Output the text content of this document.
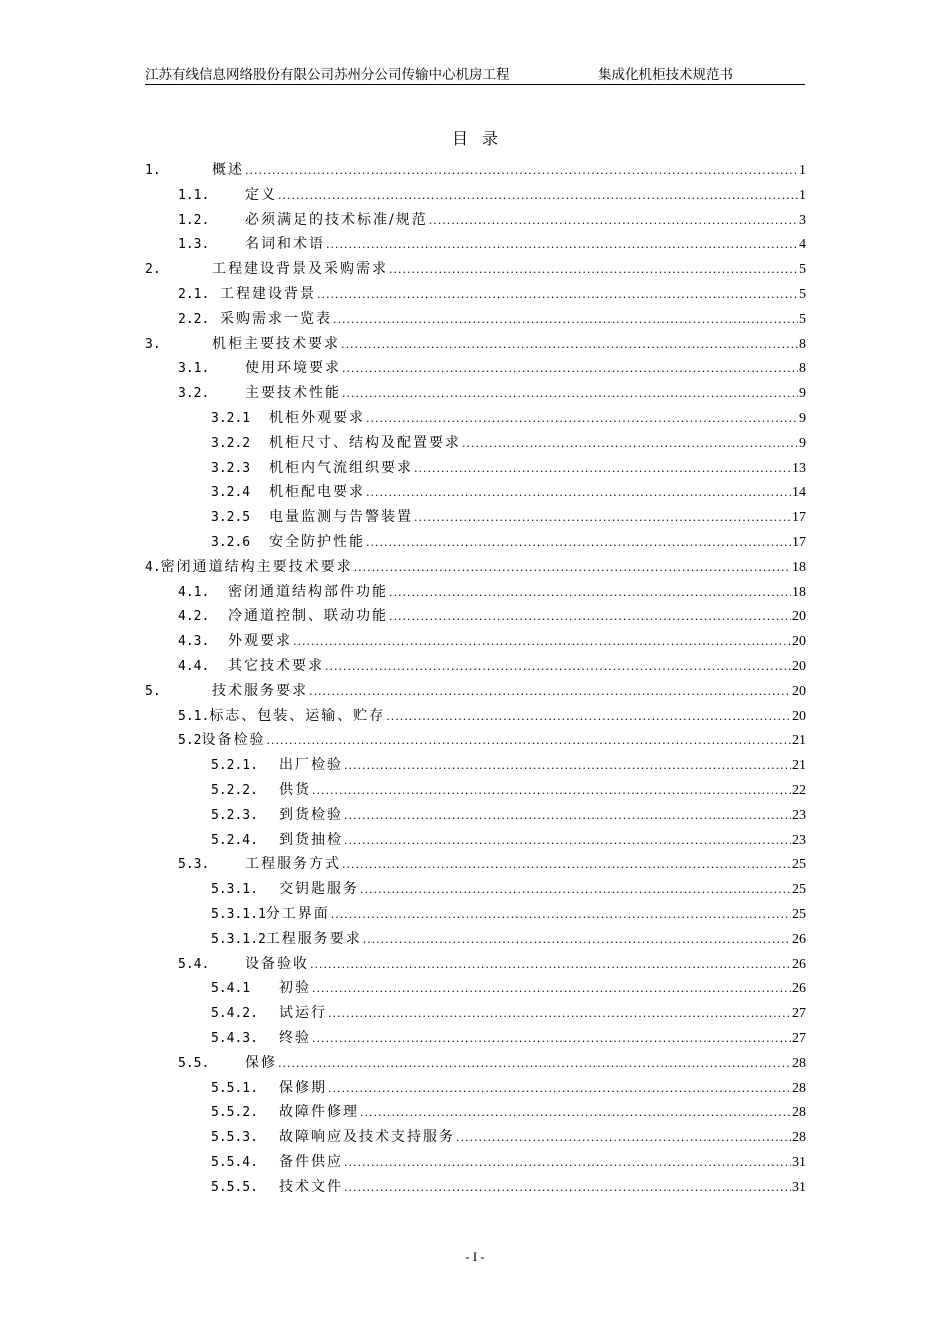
江苏有线信息网络股份有限公司苏州分公司传输中心机房工程	集成化机柜技术规范书
目录
1.	概述 .....	1
1.1.	定义 .....	1
1.2.	必须满足的技术标准/规范 .....	3
1.3.	名词和术语 .....	4
2.	工程建设背景及采购需求 .....	5
2.1. 工程建设背景 .....	5
2.2. 采购需求一览表 .....	5
3.	机柜主要技术要求 .....	8
3.1.	使用环境要求 .....	8
3.2.	主要技术性能 .....	9
3.2.1	机柜外观要求 .....	9
3.2.2	机柜尺寸、结构及配置要求 .....	9
3.2.3	机柜内气流组织要求 .....	13
3.2.4	机柜配电要求 .....	14
3.2.5	电量监测与告警装置 .....	17
3.2.6	安全防护性能 .....	17
4. 密闭通道结构主要技术要求 .....	18
4.1.	密闭通道结构部件功能 .....	18
4.2.	冷通道控制、联动功能 .....	20
4.3.	外观要求 .....	20
4.4.	其它技术要求 .....	20
5.	技术服务要求 .....	20
5.1. 标志、包装、运输、贮存 .....	20
5.2 设备检验 .....	21
5.2.1.	出厂检验 .....	21
5.2.2.	供货 .....	22
5.2.3.	到货检验 .....	23
5.2.4.	到货抽检 .....	23
5.3.	工程服务方式 .....	25
5.3.1.	交钥匙服务 .....	25
5.3.1.1 分工界面 .....	25
5.3.1.2 工程服务要求 .....	26
5.4.	设备验收 .....	26
5.4.1	初验 .....	26
5.4.2.	试运行 .....	27
5.4.3.	终验 .....	27
5.5.	保修 .....	28
5.5.1.	保修期 .....	28
5.5.2.	故障件修理 .....	28
5.5.3.	故障响应及技术支持服务 .....	28
5.5.4.	备件供应 .....	31
5.5.5.	技术文件 .....	31
- I -
